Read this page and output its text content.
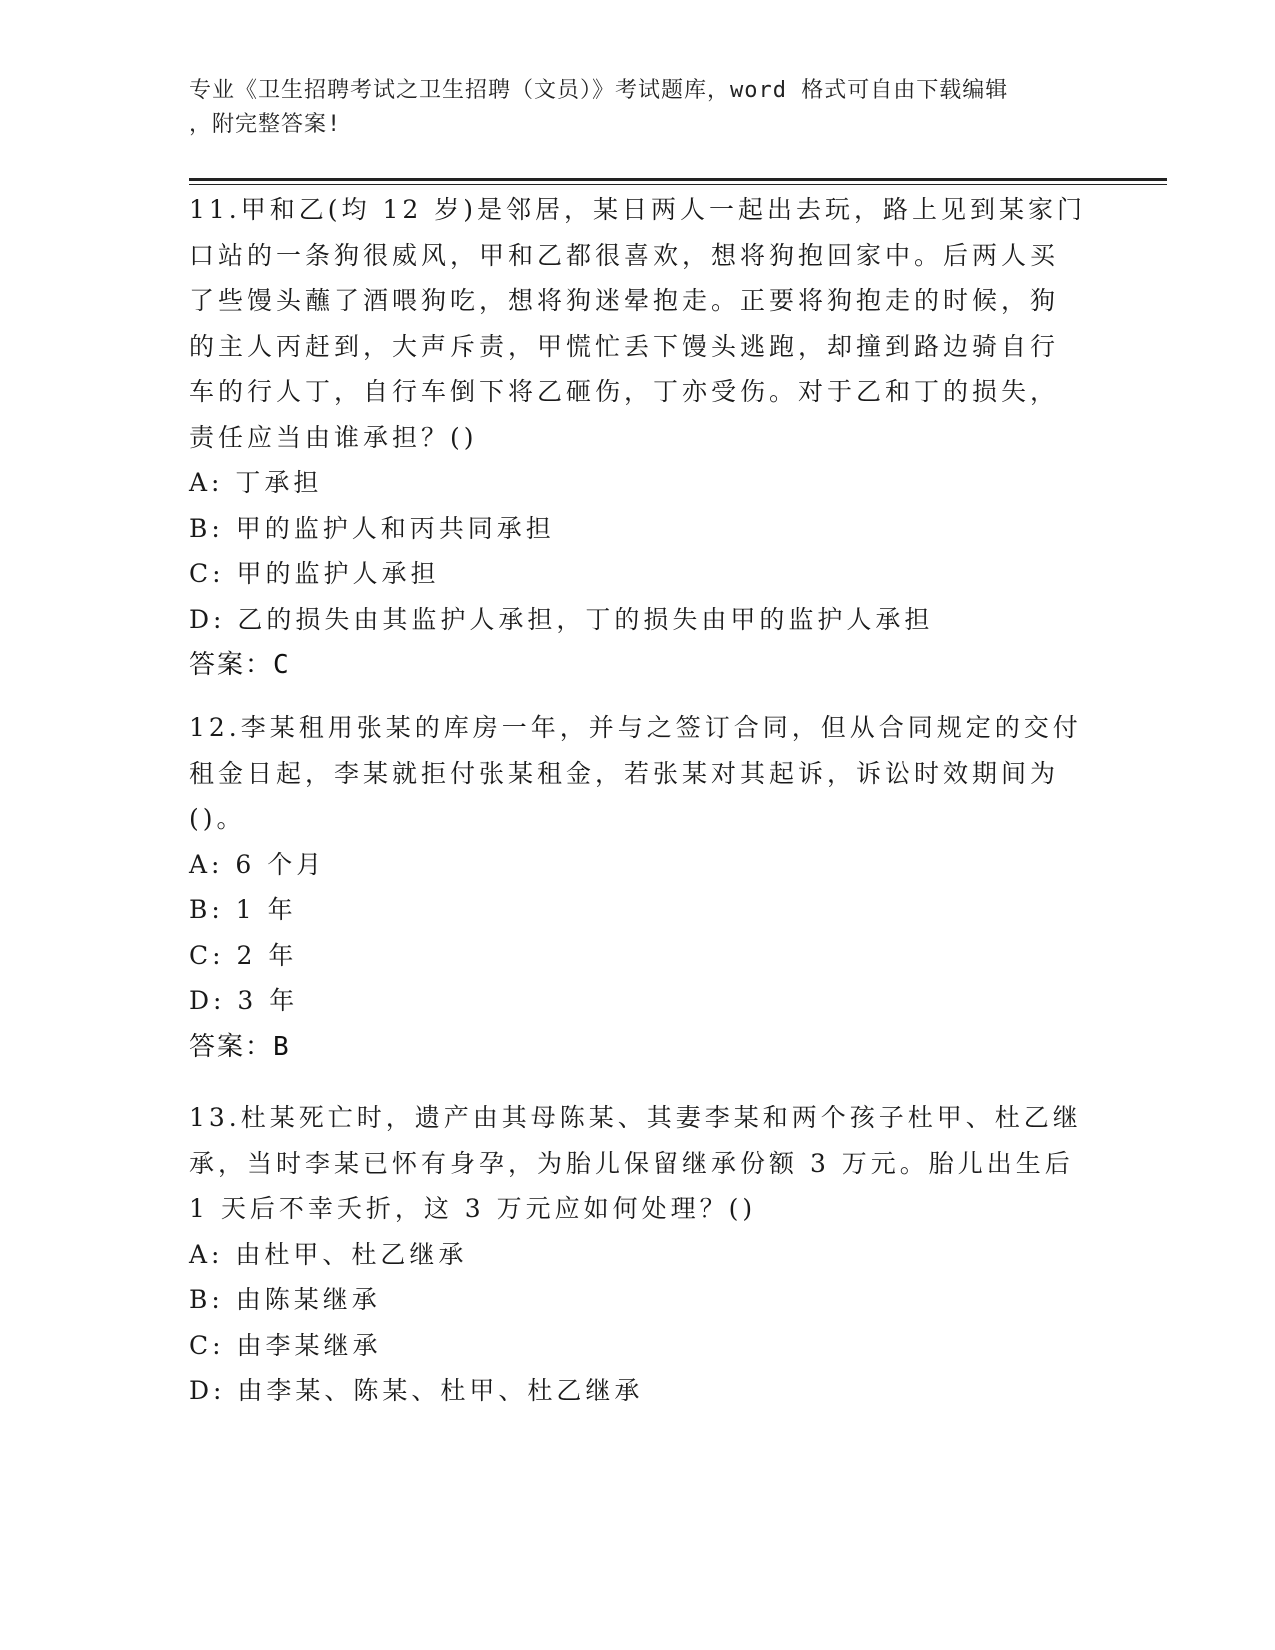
专业《卫生招聘考试之卫生招聘（文员）》考试题库，word 格式可自由下载编辑
，附完整答案!

11.甲和乙(均 12 岁)是邻居，某日两人一起出去玩，路上见到某家门

口站的一条狗很威风，甲和乙都很喜欢，想将狗抱回家中。后两人买

了些馒头蘸了酒喂狗吃，想将狗迷晕抱走。正要将狗抱走的时候，狗

的主人丙赶到，大声斥责，甲慌忙丢下馒头逃跑，却撞到路边骑自行

车的行人丁，自行车倒下将乙砸伤，丁亦受伤。对于乙和丁的损失，

责任应当由谁承担？()

A: 丁承担

B: 甲的监护人和丙共同承担

C: 甲的监护人承担

D: 乙的损失由其监护人承担，丁的损失由甲的监护人承担

答案：C

12.李某租用张某的库房一年，并与之签订合同，但从合同规定的交付

租金日起，李某就拒付张某租金，若张某对其起诉，诉讼时效期间为

()。

A: 6 个月

B: 1 年

C: 2 年

D: 3 年

答案：B

13.杜某死亡时，遗产由其母陈某、其妻李某和两个孩子杜甲、杜乙继

承，当时李某已怀有身孕，为胎儿保留继承份额 3 万元。胎儿出生后

1 天后不幸夭折，这 3 万元应如何处理？()

A: 由杜甲、杜乙继承

B: 由陈某继承

C: 由李某继承

D: 由李某、陈某、杜甲、杜乙继承
